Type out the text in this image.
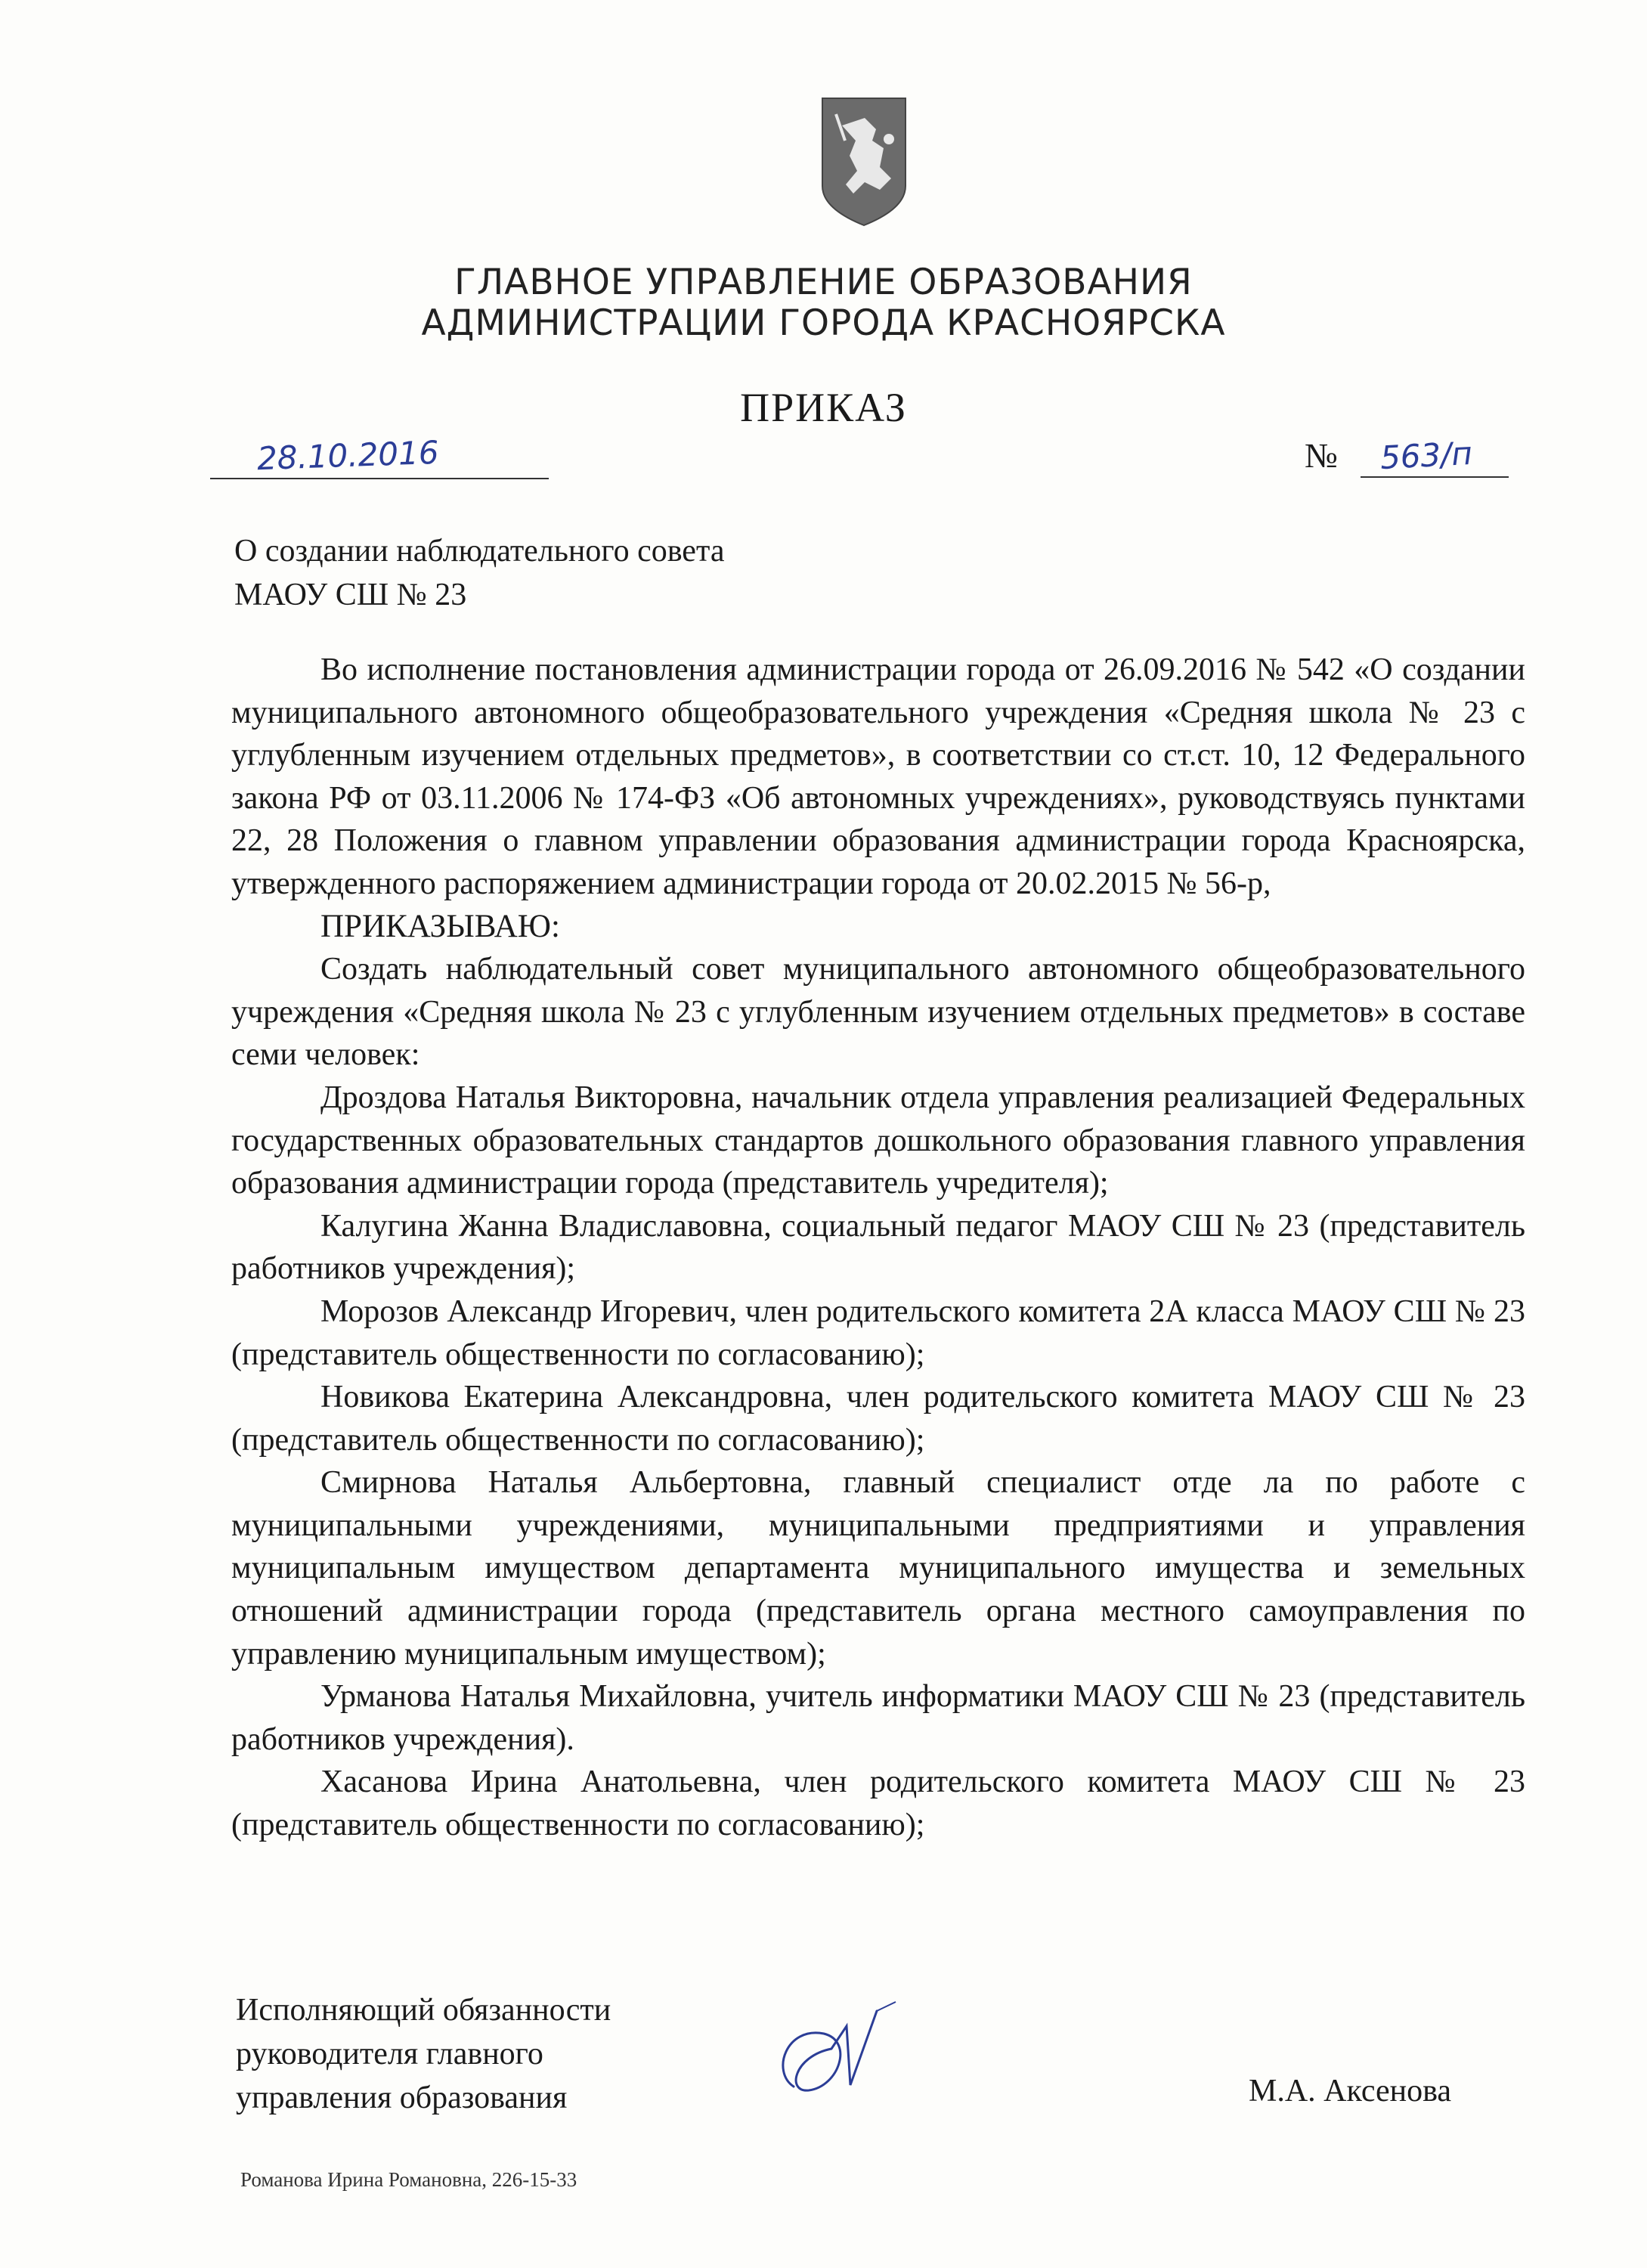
ГЛАВНОЕ УПРАВЛЕНИЕ ОБРАЗОВАНИЯ
АДМИНИСТРАЦИИ ГОРОДА КРАСНОЯРСКА
ПРИКАЗ
28.10.2016	№ 563/п
О создании наблюдательного совета
МАОУ СШ № 23

Во исполнение постановления администрации города от 26.09.2016 № 542 «О создании муниципального автономного общеобразовательного учреждения «Средняя школа № 23 с углубленным изучением отдельных предметов», в соответствии со ст.ст. 10, 12 Федерального закона РФ от 03.11.2006 № 174-ФЗ «Об автономных учреждениях», руководствуясь пунктами 22, 28 Положения о главном управлении образования администрации города Красноярска, утвержденного распоряжением администрации города от 20.02.2015 № 56-р,

ПРИКАЗЫВАЮ:

Создать наблюдательный совет муниципального автономного общеобразовательного учреждения «Средняя школа № 23 с углубленным изучением отдельных предметов» в составе семи человек:

Дроздова Наталья Викторовна, начальник отдела управления реализацией Федеральных государственных образовательных стандартов дошкольного образования главного управления образования администрации города (представитель учредителя);

Калугина Жанна Владиславовна, социальный педагог МАОУ СШ № 23 (представитель работников учреждения);

Морозов Александр Игоревич, член родительского комитета 2А класса МАОУ СШ № 23 (представитель общественности по согласованию);

Новикова Екатерина Александровна, член родительского комитета МАОУ СШ № 23 (представитель общественности по согласованию);

Смирнова Наталья Альбертовна, главный специалист отде ла по работе с муниципальными учреждениями, муниципальными предприятиями и управления муниципальным имуществом департамента муниципального имущества и земельных отношений администрации города (представитель органа местного самоуправления по управлению муниципальным имуществом);

Урманова Наталья Михайловна, учитель информатики МАОУ СШ № 23 (представитель работников учреждения).

Хасанова Ирина Анатольевна, член родительского комитета МАОУ СШ № 23 (представитель общественности по согласованию);

Исполняющий обязанности
руководителя главного
управления образования	М.А. Аксенова
Романова Ирина Романовна, 226-15-33
